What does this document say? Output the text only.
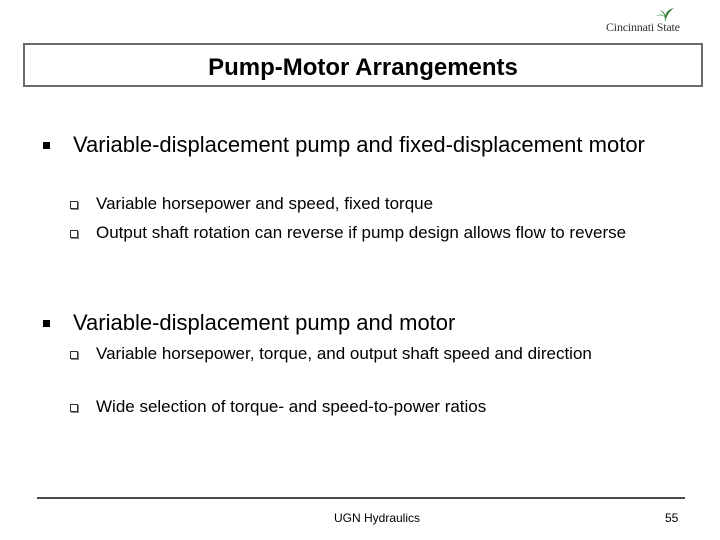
Cincinnati State
Pump-Motor Arrangements
Variable-displacement pump and fixed-displacement motor
Variable horsepower and speed, fixed torque
Output shaft rotation can reverse if pump design allows flow to reverse
Variable-displacement pump and motor
Variable horsepower, torque, and output shaft speed and direction
Wide selection of torque- and speed-to-power ratios
UGN Hydraulics	55
